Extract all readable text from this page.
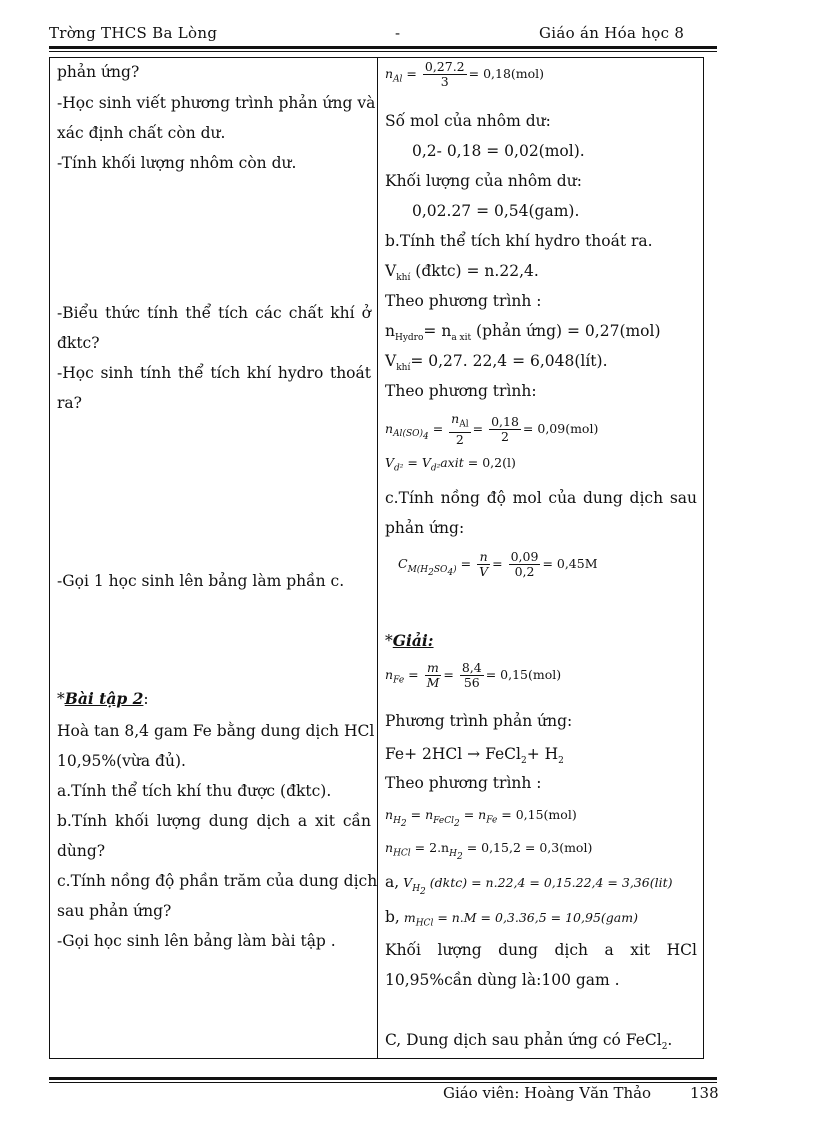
Trờng THCS Ba Lòng	-	Giáo án Hóa học 8
phản ứng?
-Học sinh viết phương trình phản ứng và
xác định chất còn dư.
-Tính khối lượng nhôm còn dư.
-Biểu thức tính thể tích các chất khí ở
đktc?
-Học sinh tính thể tích khí hydro thoát
ra?
-Gọi 1 học sinh lên bảng làm phần c.
*Bài tập 2:
Hoà tan 8,4 gam Fe bằng dung dịch HCl
10,95%(vừa đủ).
a.Tính thể tích khí thu được (đktc).
b.Tính khối lượng dung dịch a xit cần
dùng?
c.Tính nồng độ phần trăm của dung dịch
sau phản ứng?
-Gọi học sinh lên bảng làm bài tập .

$n_{Al} = \frac{0,27.2}{3} = 0,18(mol)$
Số mol của nhôm dư:
0,2- 0,18 = 0,02(mol).
Khối lượng của nhôm dư:
0,02.27 = 0,54(gam).
b.Tính thể tích khí hydro thoát ra.
$V_{khí}$ (đktc) = n.22,4.
Theo phương trình :
$n_{Hydro}= n_{a xit}$ (phản ứng) = 0,27(mol)
$V_{khí}= 0,27$. 22,4 = 6,048(lít).
Theo phương trình:
$n_{Al(SO)_4} = \frac{n_{Al}}{2} = \frac{0,18}{2} = 0,09(mol)$
$V_{d^2}$ = $V_{d^2}axit = 0,2(l)$
c.Tính nồng độ mol của dung dịch sau
phản ứng:
$C_{M(H_2SO_4)} = \frac{n}{V} = \frac{0,09}{0,2} = 0,45M$
*Giải:
$n_{Fe} = \frac{m}{M} = \frac{8,4}{56} = 0,15(mol)$
Phương trình phản ứng:
Fe+ 2HCl → FeCl$_2$+ $H_2$
Theo phương trình :
$n_{H_2} = n_{FeCl_2} = n_{Fe} = 0,15(mol)$
$n_{HCl} = 2.n_{H_2} = 0,15,2 = 0,3(mol)$
a, $V_{H_2}$ (dktc) = n.22,4 = 0,15.22,4 = 3,36(lit)
b, $m_{HCl} = n.M = 0,3.36,5 = 10,95(gam)$
Khối lượng dung dịch a xit HCl
10,95%cần dùng là:100 gam .
C, Dung dịch sau phản ứng có FeCl$_2$.
Giáo viên: Hoàng Văn Thảo	138
